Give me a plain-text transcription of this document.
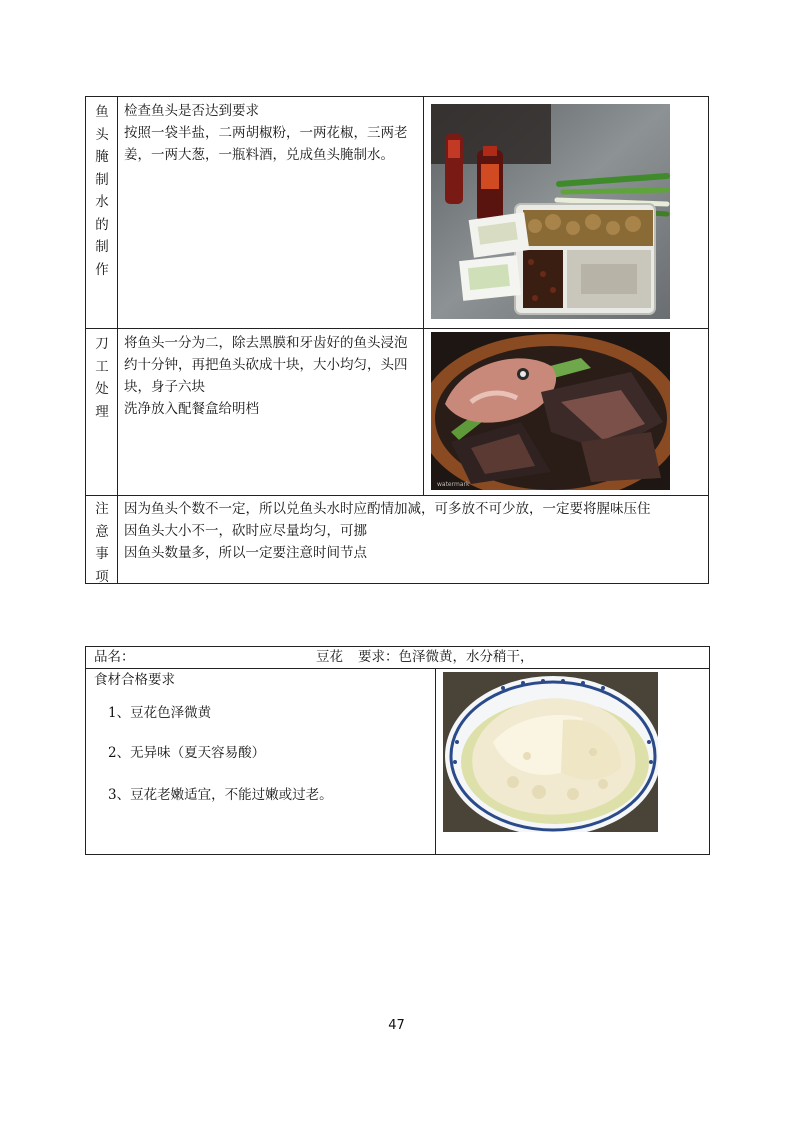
鱼
头
腌
制
水
的
制
作
检查鱼头是否达到要求
按照一袋半盐，二两胡椒粉，一两花椒，三两老
姜，一两大葱，一瓶料酒，兑成鱼头腌制水。
刀
工
处
理
将鱼头一分为二，除去黑膜和牙齿好的鱼头浸泡
约十分钟，再把鱼头砍成十块，大小均匀，头四
块，身子六块
洗净放入配餐盒给明档
watermark
注
意
事
项
因为鱼头个数不一定，所以兑鱼头水时应酌情加减，可多放不可少放，一定要将腥味压住
因鱼头大小不一，砍时应尽量均匀，可挪
因鱼头数量多，所以一定要注意时间节点
品名：	豆花 要求：色泽微黄，水分稍干，
食材合格要求
1、豆花色泽微黄
2、无异味（夏天容易酸）
3、豆花老嫩适宜，不能过嫩或过老。
47
